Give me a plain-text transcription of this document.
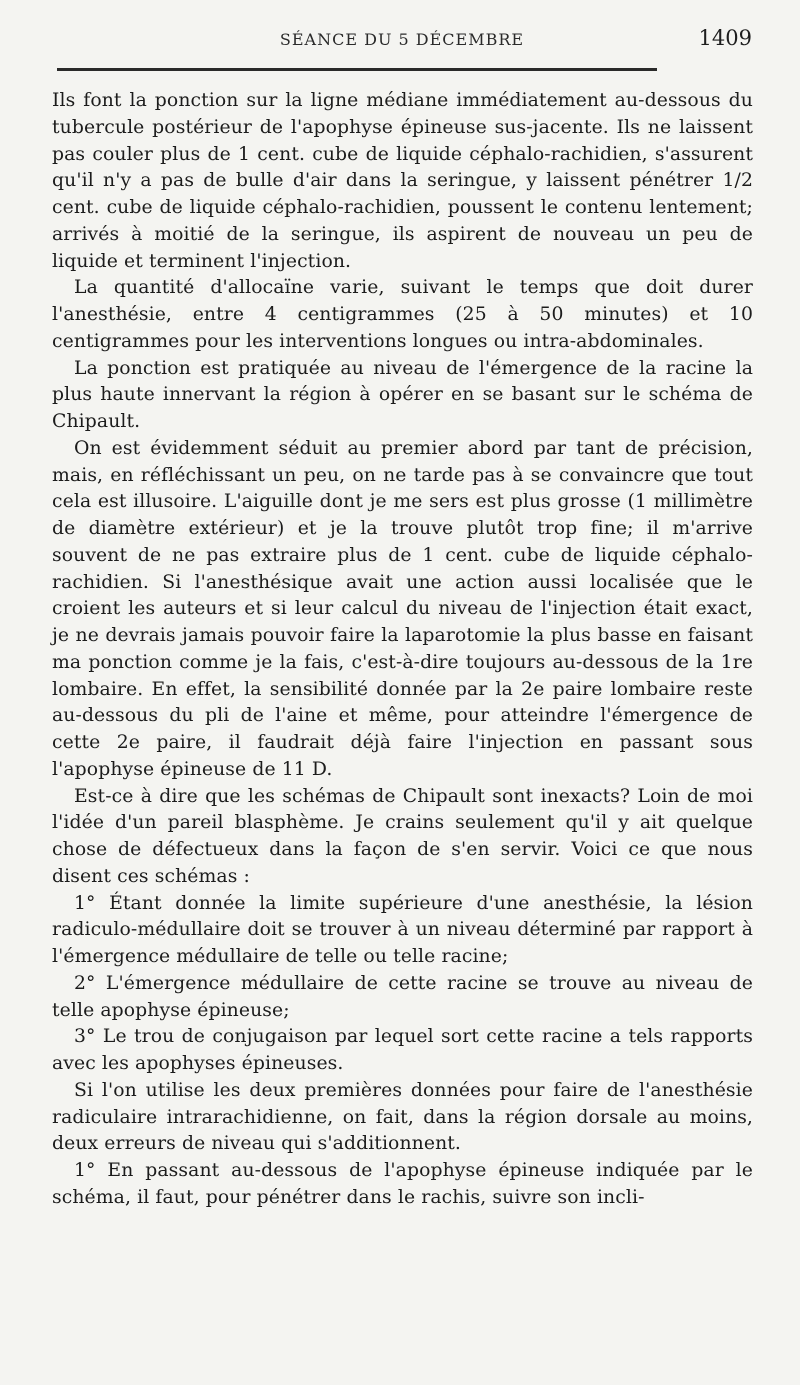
SÉANCE DU 5 DÉCEMBRE	1409

Ils font la ponction sur la ligne médiane immédiatement au-dessous du tubercule postérieur de l'apophyse épineuse sus-jacente. Ils ne laissent pas couler plus de 1 cent. cube de liquide céphalo-rachidien, s'assurent qu'il n'y a pas de bulle d'air dans la seringue, y laissent pénétrer 1/2 cent. cube de liquide céphalo-rachidien, poussent le contenu lentement; arrivés à moitié de la seringue, ils aspirent de nouveau un peu de liquide et terminent l'injection.

La quantité d'allocaïne varie, suivant le temps que doit durer l'anesthésie, entre 4 centigrammes (25 à 50 minutes) et 10 centigrammes pour les interventions longues ou intra-abdominales.

La ponction est pratiquée au niveau de l'émergence de la racine la plus haute innervant la région à opérer en se basant sur le schéma de Chipault.

On est évidemment séduit au premier abord par tant de précision, mais, en réfléchissant un peu, on ne tarde pas à se convaincre que tout cela est illusoire. L'aiguille dont je me sers est plus grosse (1 millimètre de diamètre extérieur) et je la trouve plutôt trop fine; il m'arrive souvent de ne pas extraire plus de 1 cent. cube de liquide céphalo-rachidien. Si l'anesthésique avait une action aussi localisée que le croient les auteurs et si leur calcul du niveau de l'injection était exact, je ne devrais jamais pouvoir faire la laparotomie la plus basse en faisant ma ponction comme je la fais, c'est-à-dire toujours au-dessous de la 1re lombaire. En effet, la sensibilité donnée par la 2e paire lombaire reste au-dessous du pli de l'aine et même, pour atteindre l'émergence de cette 2e paire, il faudrait déjà faire l'injection en passant sous l'apophyse épineuse de 11 D.

Est-ce à dire que les schémas de Chipault sont inexacts? Loin de moi l'idée d'un pareil blasphème. Je crains seulement qu'il y ait quelque chose de défectueux dans la façon de s'en servir. Voici ce que nous disent ces schémas :

1° Étant donnée la limite supérieure d'une anesthésie, la lésion radiculo-médullaire doit se trouver à un niveau déterminé par rapport à l'émergence médullaire de telle ou telle racine;

2° L'émergence médullaire de cette racine se trouve au niveau de telle apophyse épineuse;

3° Le trou de conjugaison par lequel sort cette racine a tels rapports avec les apophyses épineuses.

Si l'on utilise les deux premières données pour faire de l'anesthésie radiculaire intrarachidienne, on fait, dans la région dorsale au moins, deux erreurs de niveau qui s'additionnent.

1° En passant au-dessous de l'apophyse épineuse indiquée par le schéma, il faut, pour pénétrer dans le rachis, suivre son incli-
